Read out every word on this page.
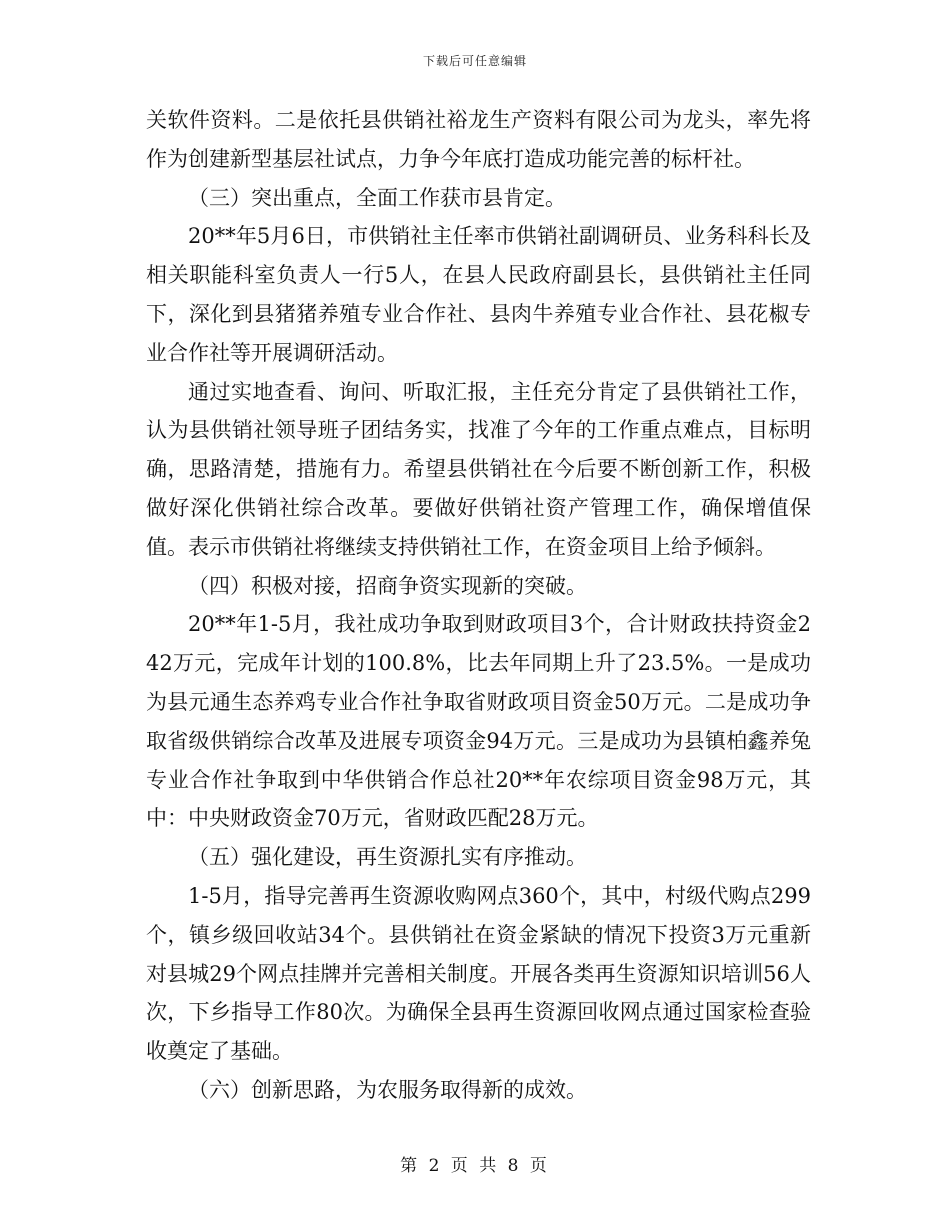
下载后可任意编辑

关软件资料。二是依托县供销社裕龙生产资料有限公司为龙头，率先将作为创建新型基层社试点，力争今年底打造成功能完善的标杆社。

（三）突出重点，全面工作获市县肯定。

20**年5月6日，市供销社主任率市供销社副调研员、业务科科长及相关职能科室负责人一行5人，在县人民政府副县长，县供销社主任同下，深化到县猪猪养殖专业合作社、县肉牛养殖专业合作社、县花椒专业合作社等开展调研活动。

通过实地查看、询问、听取汇报，主任充分肯定了县供销社工作，认为县供销社领导班子团结务实，找准了今年的工作重点难点，目标明确，思路清楚，措施有力。希望县供销社在今后要不断创新工作，积极做好深化供销社综合改革。要做好供销社资产管理工作，确保增值保值。表示市供销社将继续支持供销社工作，在资金项目上给予倾斜。

（四）积极对接，招商争资实现新的突破。

20**年1-5月，我社成功争取到财政项目3个，合计财政扶持资金242万元，完成年计划的100.8%，比去年同期上升了23.5%。一是成功为县元通生态养鸡专业合作社争取省财政项目资金50万元。二是成功争取省级供销综合改革及进展专项资金94万元。三是成功为县镇柏鑫养兔专业合作社争取到中华供销合作总社20**年农综项目资金98万元，其中：中央财政资金70万元，省财政匹配28万元。

（五）强化建设，再生资源扎实有序推动。

1-5月，指导完善再生资源收购网点360个，其中，村级代购点299个，镇乡级回收站34个。县供销社在资金紧缺的情况下投资3万元重新对县城29个网点挂牌并完善相关制度。开展各类再生资源知识培训56人次，下乡指导工作80次。为确保全县再生资源回收网点通过国家检查验收奠定了基础。

（六）创新思路，为农服务取得新的成效。

第 2 页 共 8 页
